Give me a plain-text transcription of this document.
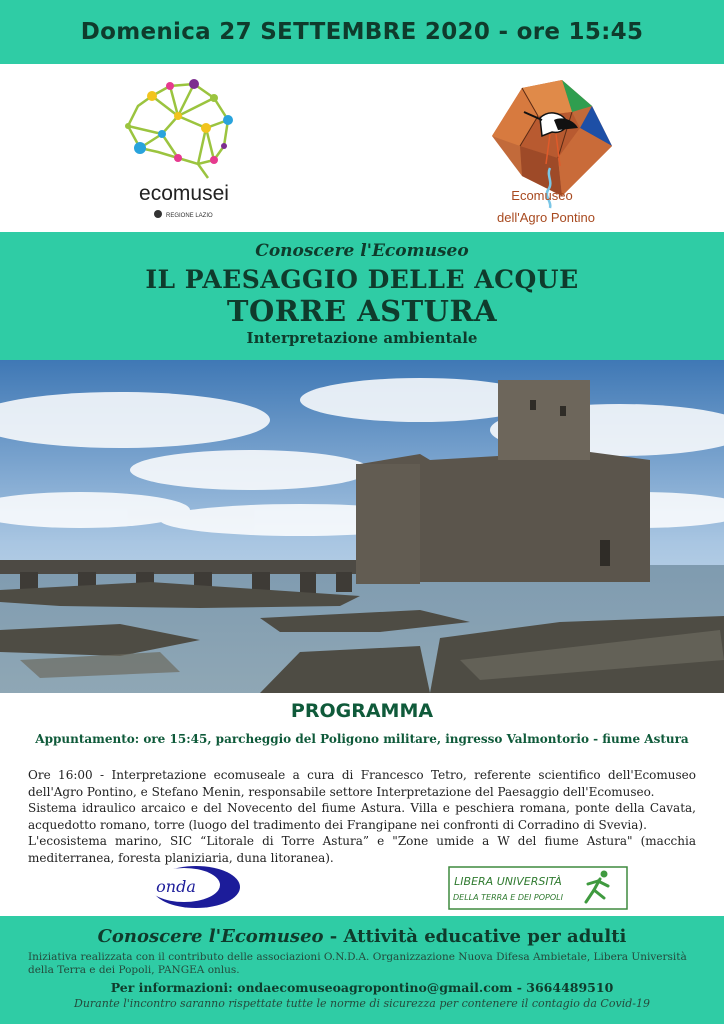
Domenica 27 SETTEMBRE 2020 - ore 15:45
ecomusei
REGIONE LAZIO
Ecomuseo
dell'Agro Pontino
Conoscere l'Ecomuseo
IL PAESAGGIO DELLE ACQUE
TORRE ASTURA
Interpretazione ambientale
PROGRAMMA
Appuntamento: ore 15:45, parcheggio del Poligono militare, ingresso Valmontorio - fiume Astura

Ore 16:00 - Interpretazione ecomuseale a cura di Francesco Tetro, referente scientifico dell'Ecomuseo dell'Agro Pontino, e Stefano Menin, responsabile settore Interpretazione del Paesaggio dell'Ecomuseo.

Sistema idraulico arcaico e del Novecento del fiume Astura. Villa e peschiera romana, ponte della Cavata, acquedotto romano, torre (luogo del tradimento dei Frangipane nei confronti di Corradino di Svevia).

L'ecosistema marino, SIC “Litorale di Torre Astura” e "Zone umide a W del fiume Astura" (macchia mediterranea, foresta planiziaria, duna litoranea).

onda	LIBERA UNIVERSITÀ
DELLA TERRA E DEI POPOLI
Conoscere l'Ecomuseo - Attività educative per adulti
Iniziativa realizzata con il contributo delle associazioni O.N.D.A. Organizzazione Nuova Difesa Ambietale, Libera Università della Terra e dei Popoli, PANGEA onlus.
Per informazioni: ondaecomuseoagropontino@gmail.com - 3664489510
Durante l'incontro saranno rispettate tutte le norme di sicurezza per contenere il contagio da Covid-19
